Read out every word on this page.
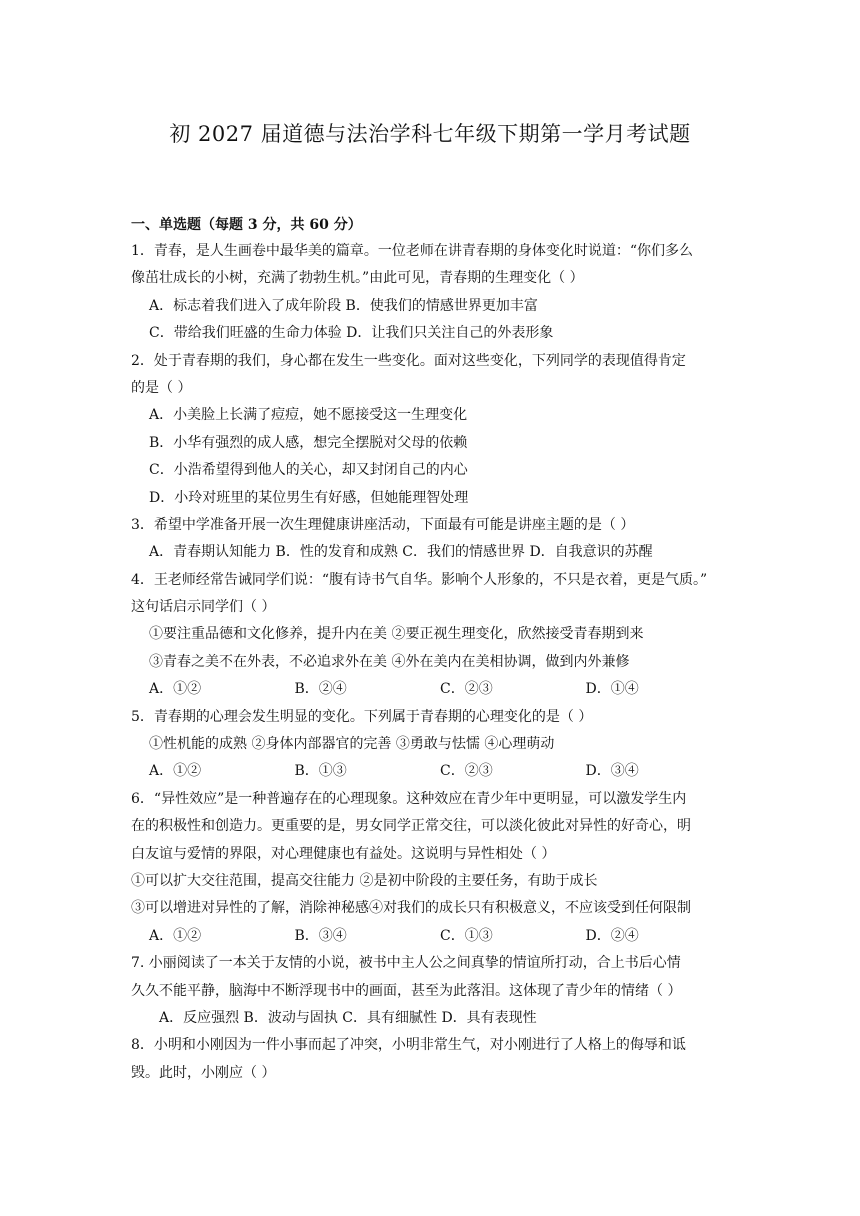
初 2027 届道德与法治学科七年级下期第一学月考试题
一、单选题（每题 3 分，共 60 分）
1．青春，是人生画卷中最华美的篇章。一位老师在讲青春期的身体变化时说道：“你们多么
像茁壮成长的小树，充满了勃勃生机。”由此可见，青春期的生理变化（ ）
A．标志着我们进入了成年阶段 B．使我们的情感世界更加丰富
C．带给我们旺盛的生命力体验 D．让我们只关注自己的外表形象
2．处于青春期的我们，身心都在发生一些变化。面对这些变化，下列同学的表现值得肯定
的是（ ）
A．小美脸上长满了痘痘，她不愿接受这一生理变化
B．小华有强烈的成人感，想完全摆脱对父母的依赖
C．小浩希望得到他人的关心，却又封闭自己的内心
D．小玲对班里的某位男生有好感，但她能理智处理
3．希望中学准备开展一次生理健康讲座活动，下面最有可能是讲座主题的是（ ）
A．青春期认知能力 B．性的发育和成熟 C．我们的情感世界 D．自我意识的苏醒
4．王老师经常告诫同学们说：“腹有诗书气自华。影响个人形象的，不只是衣着，更是气质。”
这句话启示同学们（ ）
①要注重品德和文化修养，提升内在美 ②要正视生理变化，欣然接受青春期到来
③青春之美不在外表，不必追求外在美 ④外在美内在美相协调，做到内外兼修
A．①②	B．②④	C．②③	D．①④
5．青春期的心理会发生明显的变化。下列属于青春期的心理变化的是（ ）
①性机能的成熟 ②身体内部器官的完善 ③勇敢与怯懦 ④心理萌动
A．①②	B．①③	C．②③	D．③④
6．“异性效应”是一种普遍存在的心理现象。这种效应在青少年中更明显，可以激发学生内
在的积极性和创造力。更重要的是，男女同学正常交往，可以淡化彼此对异性的好奇心，明
白友谊与爱情的界限，对心理健康也有益处。这说明与异性相处（ ）
①可以扩大交往范围，提高交往能力 ②是初中阶段的主要任务，有助于成长
③可以增进对异性的了解，消除神秘感④对我们的成长只有积极意义，不应该受到任何限制
A．①②	B．③④	C．①③	D．②④
7. 小丽阅读了一本关于友情的小说，被书中主人公之间真挚的情谊所打动，合上书后心情
久久不能平静，脑海中不断浮现书中的画面，甚至为此落泪。这体现了青少年的情绪（ ）
A．反应强烈 B．波动与固执 C．具有细腻性 D．具有表现性
8．小明和小刚因为一件小事而起了冲突，小明非常生气，对小刚进行了人格上的侮辱和诋
毁。此时，小刚应（ ）
